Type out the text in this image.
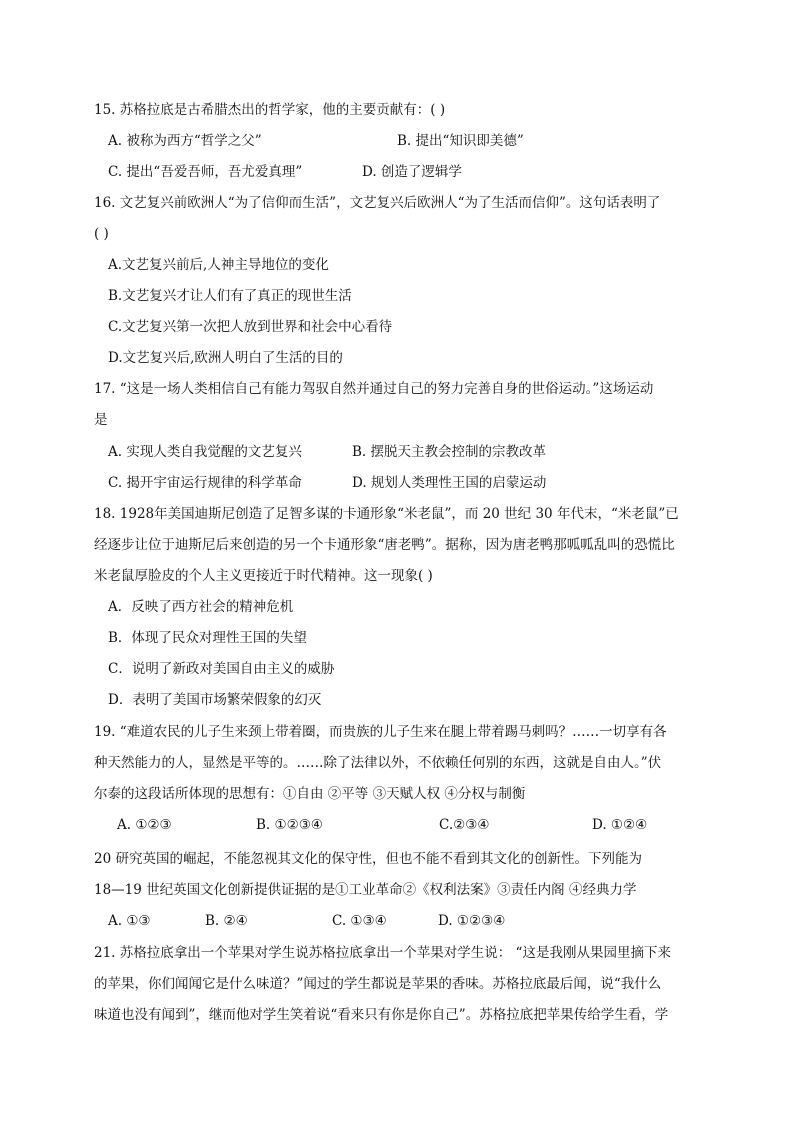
15. 苏格拉底是古希腊杰出的哲学家，他的主要贡献有：( )
A. 被称为西方“哲学之父”	B. 提出“知识即美德”
C. 提出“吾爱吾师，吾尤爱真理”	D. 创造了逻辑学
16. 文艺复兴前欧洲人“为了信仰而生活”，文艺复兴后欧洲人“为了生活而信仰”。这句话表明了
( )
A.文艺复兴前后,人神主导地位的变化
B.文艺复兴才让人们有了真正的现世生活
C.文艺复兴第一次把人放到世界和社会中心看待
D.文艺复兴后,欧洲人明白了生活的目的
17. “这是一场人类相信自己有能力驾驭自然并通过自己的努力完善自身的世俗运动。”这场运动
是
A. 实现人类自我觉醒的文艺复兴	B. 摆脱天主教会控制的宗教改革
C. 揭开宇宙运行规律的科学革命	D. 规划人类理性王国的启蒙运动
18. 1928年美国迪斯尼创造了足智多谋的卡通形象“米老鼠”，而 20 世纪 30 年代末，“米老鼠”已
经逐步让位于迪斯尼后来创造的另一个卡通形象“唐老鸭”。据称，因为唐老鸭那呱呱乱叫的恐慌比
米老鼠厚脸皮的个人主义更接近于时代精神。这一现象( )
A．反映了西方社会的精神危机
B．体现了民众对理性王国的失望
C．说明了新政对美国自由主义的威胁
D．表明了美国市场繁荣假象的幻灭
19. “难道农民的儿子生来颈上带着圈，而贵族的儿子生来在腿上带着踢马刺吗？……一切享有各
种天然能力的人，显然是平等的。……除了法律以外，不依赖任何别的东西，这就是自由人。”伏
尔泰的这段话所体现的思想有：①自由 ②平等 ③天赋人权 ④分权与制衡
A. ①②③	B. ①②③④	C.②③④	D. ①②④
20 研究英国的崛起，不能忽视其文化的保守性，但也不能不看到其文化的创新性。下列能为
18—19 世纪英国文化创新提供证据的是①工业革命②《权利法案》③责任内阁 ④经典力学
A. ①③	B. ②④	C. ①③④	D. ①②③④
21. 苏格拉底拿出一个苹果对学生说苏格拉底拿出一个苹果对学生说： “这是我刚从果园里摘下来
的苹果，你们闻闻它是什么味道？”闻过的学生都说是苹果的香味。苏格拉底最后闻，说“我什么
味道也没有闻到”，继而他对学生笑着说“看来只有你是你自己”。苏格拉底把苹果传给学生看，学
